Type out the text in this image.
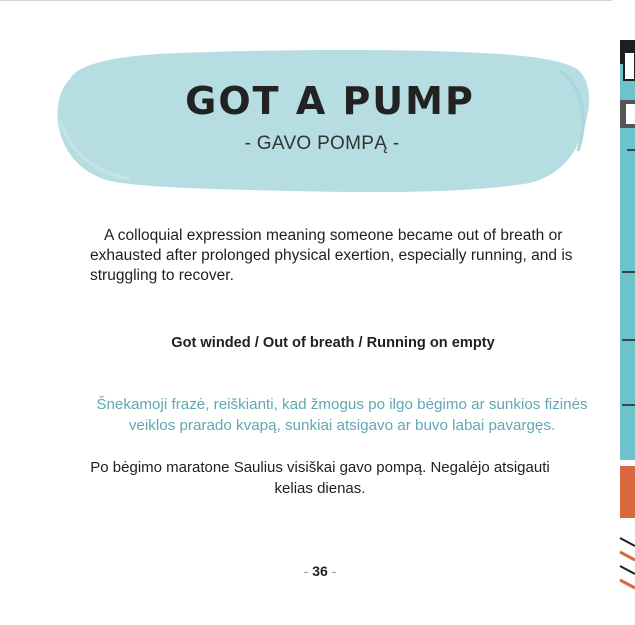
GOT A PUMP
- GAVO POMPĄ -

A colloquial expression meaning someone became out of breath or exhausted after prolonged physical exertion, especially running, and is struggling to recover.

Got winded / Out of breath / Running on empty

Šnekamoji frazė, reiškianti, kad žmogus po ilgo bėgimo ar sunkios fizinės veiklos prarado kvapą, sunkiai atsigavo ar buvo labai pavargęs.

Po bėgimo maratone Saulius visiškai gavo pompą. Negalėjo atsigauti kelias dienas.

- 36 -
